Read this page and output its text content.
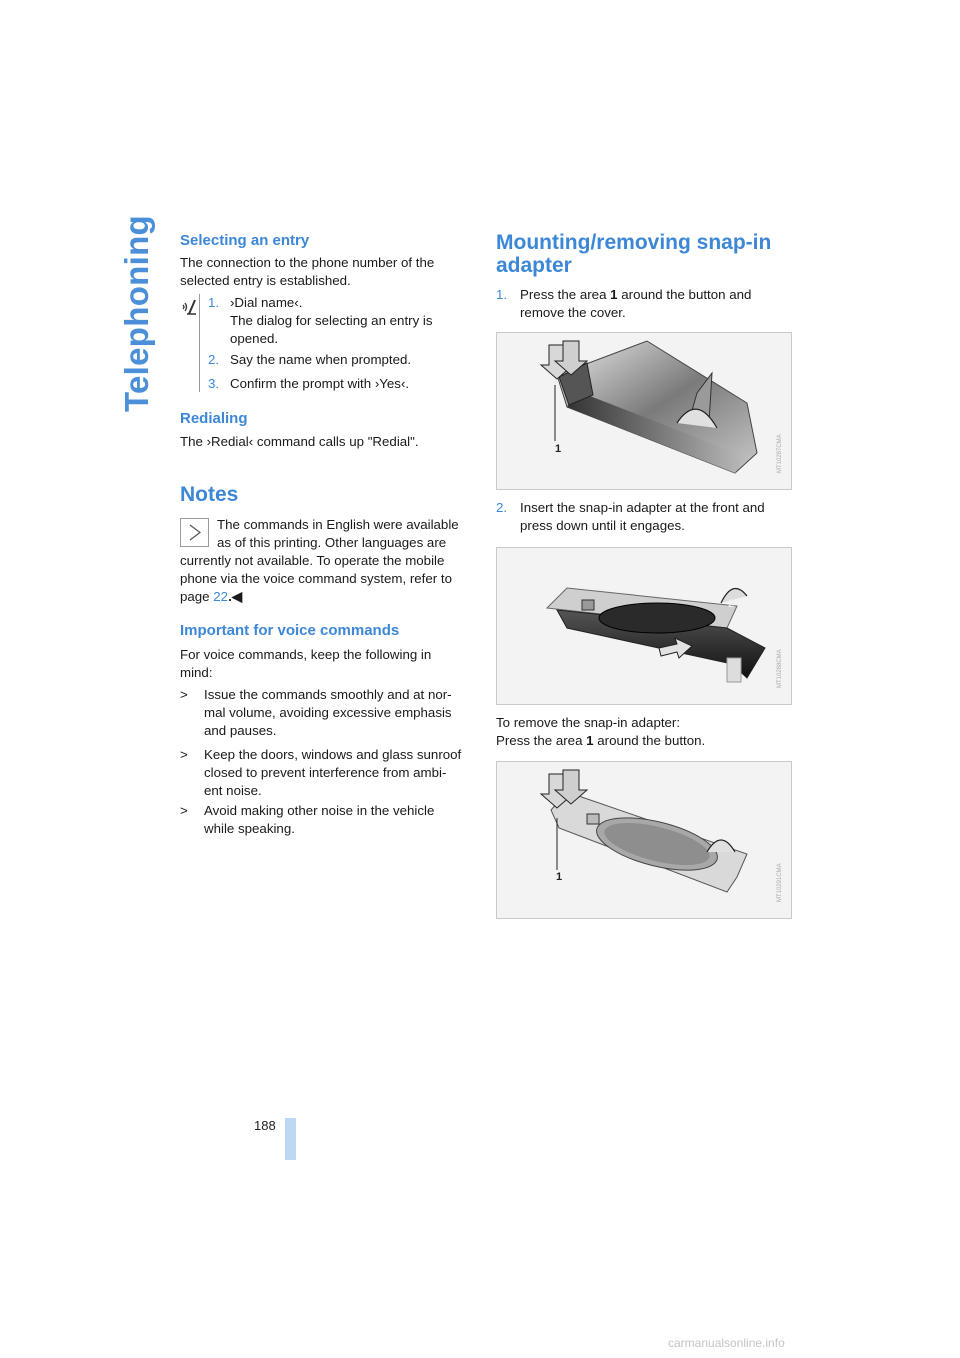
Telephoning Selecting an entry
The connection to the phone number of the
selected entry is established.
1. ›Dial name‹.
The dialog for selecting an entry is
opened.
2. Say the name when prompted.
3. Confirm the prompt with ›Yes‹.
Redialing
The ›Redial‹ command calls up "Redial".
Notes
The commands in English were available
as of this printing. Other languages are
currently not available. To operate the mobile
phone via the voice command system, refer to
page 22.◀
Important for voice commands
For voice commands, keep the following in
mind:
> Issue the commands smoothly and at nor-
mal volume, avoiding excessive emphasis
and pauses.
> Keep the doors, windows and glass sunroof
closed to prevent interference from ambi-
ent noise.
> Avoid making other noise in the vehicle
while speaking.
Mounting/removing snap-in
adapter
1. Press the area 1 around the button and
remove the cover.
1	MT10287CMA
2. Insert the snap-in adapter at the front and
press down until it engages.
2
MT10288CMA
To remove the snap-in adapter:
Press the area 1 around the button.
1	MT10291CMA
188
carmanualsonline.info
